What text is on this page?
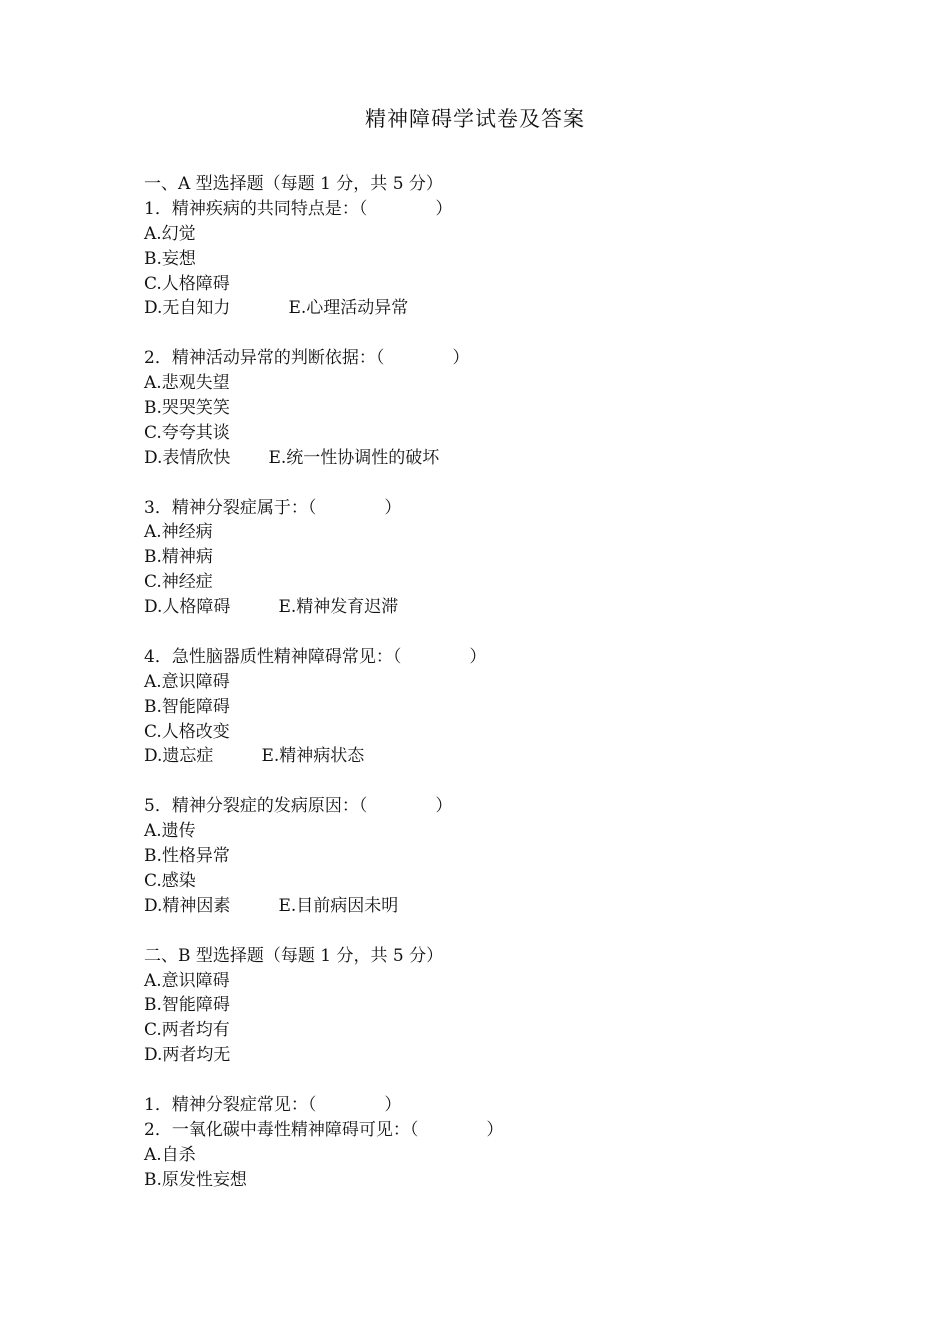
精神障碍学试卷及答案
一、A 型选择题（每题 1 分，共 5 分）
1．精神疾病的共同特点是：（　　　　）
A.幻觉
B.妄想
C.人格障碍
D.无自知力	E.心理活动异常
2．精神活动异常的判断依据：（　　　　）
A.悲观失望
B.哭哭笑笑
C.夸夸其谈
D.表情欣快 E.统一性协调性的破坏
3．精神分裂症属于：（　　　　）
A.神经病
B.精神病
C.神经症
D.人格障碍	E.精神发育迟滞
4．急性脑器质性精神障碍常见：（　　　　）
A.意识障碍
B.智能障碍
C.人格改变
D.遗忘症	E.精神病状态
5．精神分裂症的发病原因：（　　　　）
A.遗传
B.性格异常
C.感染
D.精神因素	E.目前病因未明
二、B 型选择题（每题 1 分，共 5 分）
A.意识障碍
B.智能障碍
C.两者均有
D.两者均无
1．精神分裂症常见：（　　　　）
2．一氧化碳中毒性精神障碍可见：（　　　　）
A.自杀
B.原发性妄想
